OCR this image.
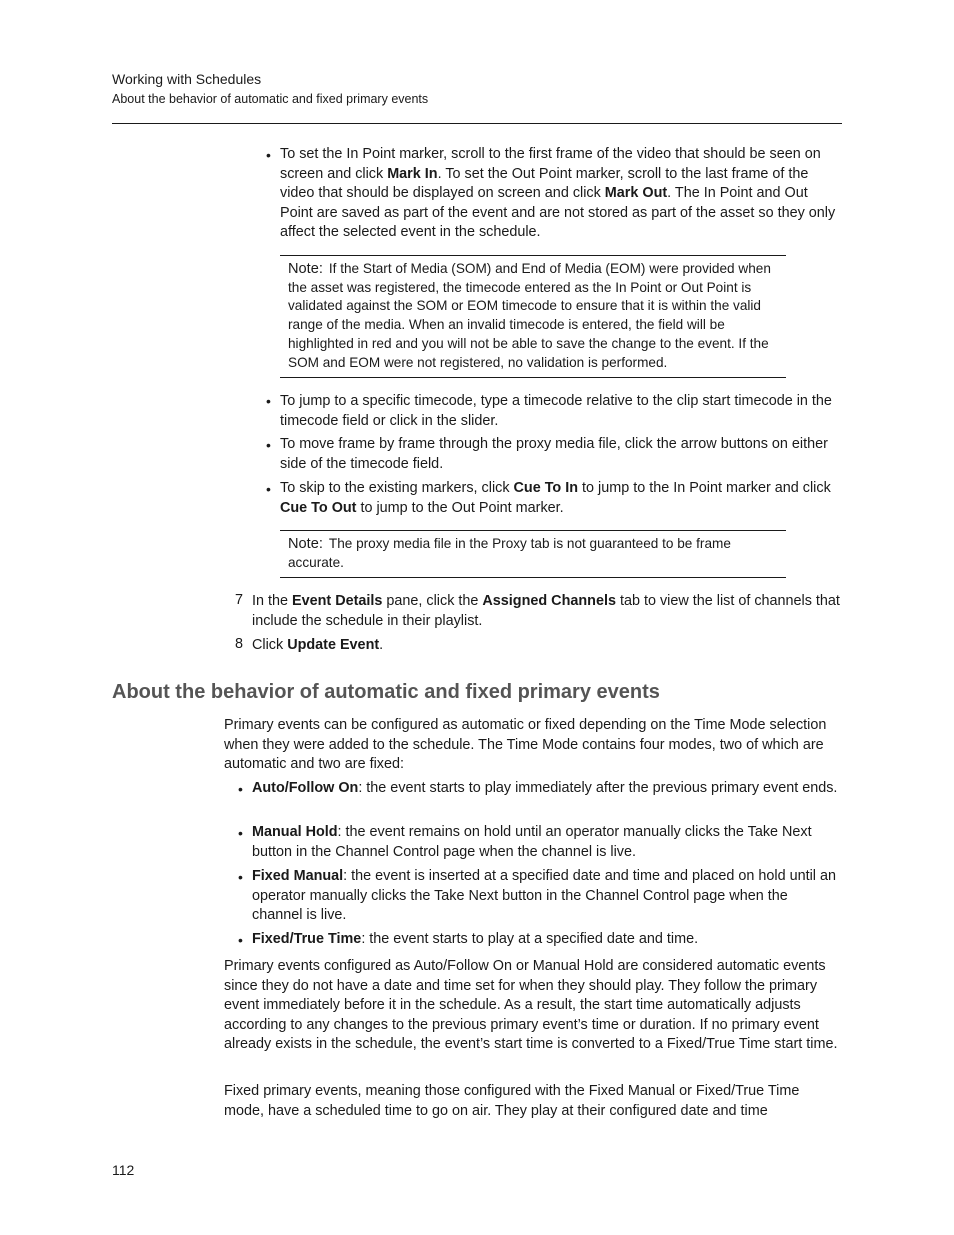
Working with Schedules
About the behavior of automatic and fixed primary events
• To set the In Point marker, scroll to the first frame of the video that should be seen on screen and click Mark In. To set the Out Point marker, scroll to the last frame of the video that should be displayed on screen and click Mark Out. The In Point and Out Point are saved as part of the event and are not stored as part of the asset so they only affect the selected event in the schedule.
Note: If the Start of Media (SOM) and End of Media (EOM) were provided when the asset was registered, the timecode entered as the In Point or Out Point is validated against the SOM or EOM timecode to ensure that it is within the valid range of the media. When an invalid timecode is entered, the field will be highlighted in red and you will not be able to save the change to the event. If the SOM and EOM were not registered, no validation is performed.
• To jump to a specific timecode, type a timecode relative to the clip start timecode in the timecode field or click in the slider.
• To move frame by frame through the proxy media file, click the arrow buttons on either side of the timecode field.
• To skip to the existing markers, click Cue To In to jump to the In Point marker and click Cue To Out to jump to the Out Point marker.
Note: The proxy media file in the Proxy tab is not guaranteed to be frame accurate.
7 In the Event Details pane, click the Assigned Channels tab to view the list of channels that include the schedule in their playlist.
8 Click Update Event.
About the behavior of automatic and fixed primary events
Primary events can be configured as automatic or fixed depending on the Time Mode selection when they were added to the schedule. The Time Mode contains four modes, two of which are automatic and two are fixed:
• Auto/Follow On: the event starts to play immediately after the previous primary event ends.
• Manual Hold: the event remains on hold until an operator manually clicks the Take Next button in the Channel Control page when the channel is live.
• Fixed Manual: the event is inserted at a specified date and time and placed on hold until an operator manually clicks the Take Next button in the Channel Control page when the channel is live.
• Fixed/True Time: the event starts to play at a specified date and time.
Primary events configured as Auto/Follow On or Manual Hold are considered automatic events since they do not have a date and time set for when they should play. They follow the primary event immediately before it in the schedule. As a result, the start time automatically adjusts according to any changes to the previous primary event’s time or duration. If no primary event already exists in the schedule, the event’s start time is converted to a Fixed/True Time start time.
Fixed primary events, meaning those configured with the Fixed Manual or Fixed/True Time mode, have a scheduled time to go on air. They play at their configured date and time
112
